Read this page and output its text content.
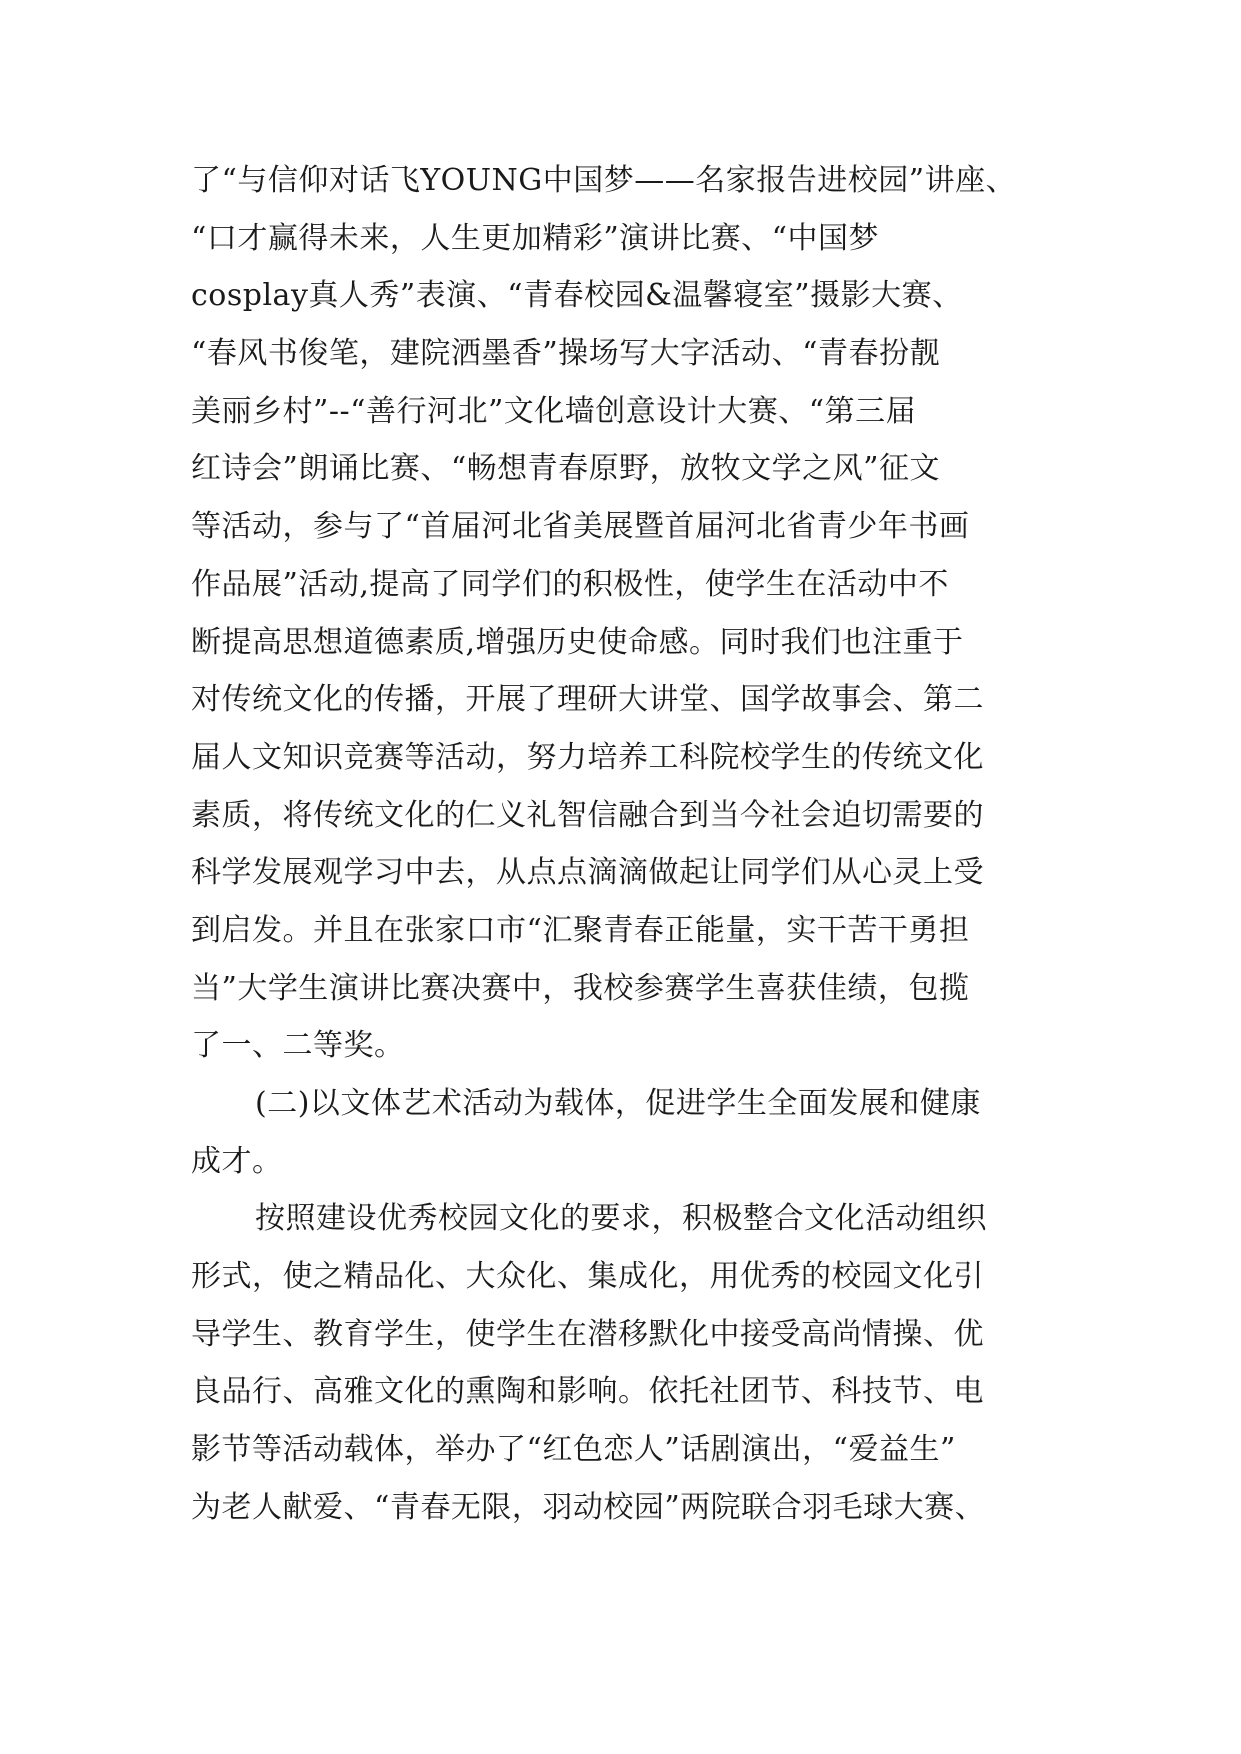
了“与信仰对话飞YOUNG中国梦——名家报告进校园”讲座、
“口才赢得未来，人生更加精彩”演讲比赛、“中国梦
cosplay真人秀”表演、“青春校园&温馨寝室”摄影大赛、
“春风书俊笔，建院洒墨香”操场写大字活动、“青春扮靓
美丽乡村”--“善行河北”文化墙创意设计大赛、“第三届
红诗会”朗诵比赛、“畅想青春原野，放牧文学之风”征文
等活动，参与了“首届河北省美展暨首届河北省青少年书画
作品展”活动,提高了同学们的积极性，使学生在活动中不
断提高思想道德素质,增强历史使命感。同时我们也注重于
对传统文化的传播，开展了理研大讲堂、国学故事会、第二
届人文知识竞赛等活动，努力培养工科院校学生的传统文化
素质，将传统文化的仁义礼智信融合到当今社会迫切需要的
科学发展观学习中去，从点点滴滴做起让同学们从心灵上受
到启发。并且在张家口市“汇聚青春正能量，实干苦干勇担
当”大学生演讲比赛决赛中，我校参赛学生喜获佳绩，包揽
了一、二等奖。
(二)以文体艺术活动为载体，促进学生全面发展和健康
成才。
按照建设优秀校园文化的要求，积极整合文化活动组织
形式，使之精品化、大众化、集成化，用优秀的校园文化引
导学生、教育学生，使学生在潜移默化中接受高尚情操、优
良品行、高雅文化的熏陶和影响。依托社团节、科技节、电
影节等活动载体，举办了“红色恋人”话剧演出，“爱益生”
为老人献爱、“青春无限，羽动校园”两院联合羽毛球大赛、
